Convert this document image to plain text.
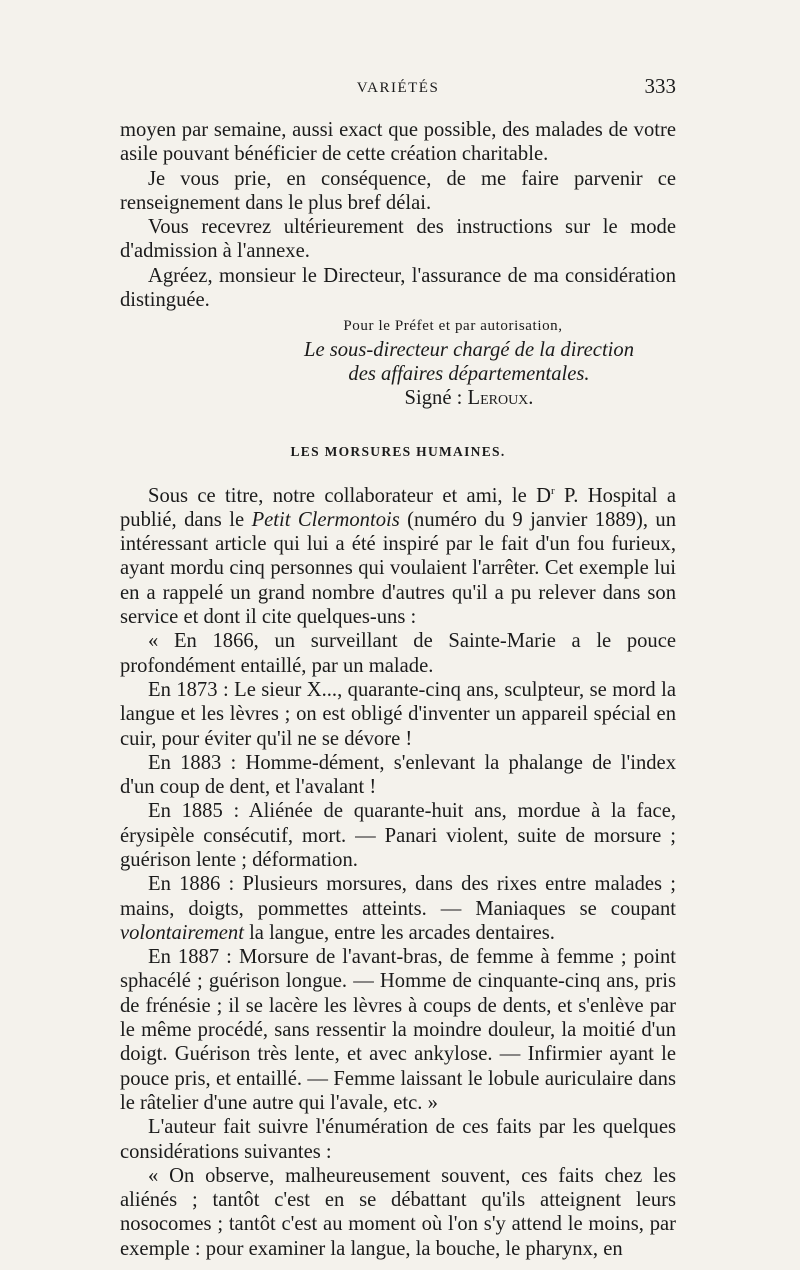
VARIÉTÉS	333

moyen par semaine, aussi exact que possible, des malades de votre asile pouvant bénéficier de cette création charitable.

Je vous prie, en conséquence, de me faire parvenir ce renseignement dans le plus bref délai.

Vous recevrez ultérieurement des instructions sur le mode d'admission à l'annexe.

Agréez, monsieur le Directeur, l'assurance de ma considération distinguée.

Pour le Préfet et par autorisation,
Le sous-directeur chargé de la direction
des affaires départementales.
Signé : Leroux.
LES MORSURES HUMAINES.

Sous ce titre, notre collaborateur et ami, le $D^r$ P. Hospital a publié, dans le Petit Clermontois (numéro du 9 janvier 1889), un intéressant article qui lui a été inspiré par le fait d'un fou furieux, ayant mordu cinq personnes qui voulaient l'arrêter. Cet exemple lui en a rappelé un grand nombre d'autres qu'il a pu relever dans son service et dont il cite quelques-uns :

« En 1866, un surveillant de Sainte-Marie a le pouce profondément entaillé, par un malade.

En 1873 : Le sieur X..., quarante-cinq ans, sculpteur, se mord la langue et les lèvres ; on est obligé d'inventer un appareil spécial en cuir, pour éviter qu'il ne se dévore !

En 1883 : Homme-dément, s'enlevant la phalange de l'index d'un coup de dent, et l'avalant !

En 1885 : Aliénée de quarante-huit ans, mordue à la face, érysipèle consécutif, mort. — Panari violent, suite de morsure ; guérison lente ; déformation.

En 1886 : Plusieurs morsures, dans des rixes entre malades ; mains, doigts, pommettes atteints. — Maniaques se coupant volontairement la langue, entre les arcades dentaires.

En 1887 : Morsure de l'avant-bras, de femme à femme ; point sphacélé ; guérison longue. — Homme de cinquante-cinq ans, pris de frénésie ; il se lacère les lèvres à coups de dents, et s'enlève par le même procédé, sans ressentir la moindre douleur, la moitié d'un doigt. Guérison très lente, et avec ankylose. — Infirmier ayant le pouce pris, et entaillé. — Femme laissant le lobule auriculaire dans le râtelier d'une autre qui l'avale, etc. »

L'auteur fait suivre l'énumération de ces faits par les quelques considérations suivantes :

« On observe, malheureusement souvent, ces faits chez les aliénés ; tantôt c'est en se débattant qu'ils atteignent leurs nosocomes ; tantôt c'est au moment où l'on s'y attend le moins, par exemple : pour examiner la langue, la bouche, le pharynx, en
